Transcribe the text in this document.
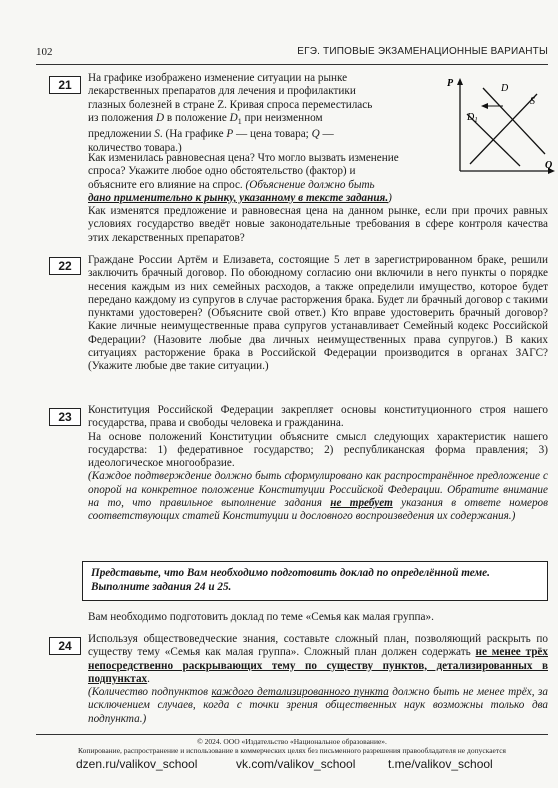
102	ЕГЭ. ТИПОВЫЕ ЭКЗАМЕНАЦИОННЫЕ ВАРИАНТЫ
21	На графике изображено изменение ситуации на рынке

лекарственных препаратов для лечения и профилактики

глазных болезней в стране Z. Кривая спроса переместилась

из положения D в положение $D_1$ при неизменном

предложении S. (На графике P — цена товара; Q —

количество товара.)

P
Q
S
D
$D_1$

Как изменилась равновесная цена? Что могло вызвать изменение

спроса? Укажите любое одно обстоятельство (фактор) и

объясните его влияние на спрос. (Объяснение должно быть

дано применительно к рынку, указанному в тексте задания.)

Как изменятся предложение и равновесная цена на данном рынке, если при прочих равных условиях государство введёт новые законодательные требования в сфере контроля качества этих лекарственных препаратов?

22	Граждане России Артём и Елизавета, состоящие 5 лет в зарегистрированном браке, решили заключить брачный договор. По обоюдному согласию они включили в него пункты о порядке несения каждым из них семейных расходов, а также определили имущество, которое будет передано каждому из супругов в случае расторжения брака. Будет ли брачный договор с такими пунктами удостоверен? (Объясните свой ответ.) Кто вправе удостоверить брачный договор? Какие личные неимущественные права супругов устанавливает Семейный кодекс Российской Федерации? (Назовите любые два личных неимущественных права супругов.) В каких ситуациях расторжение брака в Российской Федерации производится в органах ЗАГС? (Укажите любые две такие ситуации.)
23	Конституция Российской Федерации закрепляет основы конституционного строя нашего государства, права и свободы человека и гражданина.

На основе положений Конституции объясните смысл следующих характеристик нашего государства: 1) федеративное государство; 2) республиканская форма правления; 3) идеологическое многообразие.

(Каждое подтверждение должно быть сформулировано как распространённое предложение с опорой на конкретное положение Конституции Российской Федерации. Обратите внимание на то, что правильное выполнение задания не требует указания в ответе номеров соответствующих статей Конституции и дословного воспроизведения их содержания.)

Представьте, что Вам необходимо подготовить доклад по определённой теме. Выполните задания 24 и 25.
Вам необходимо подготовить доклад по теме «Семья как малая группа».
24	Используя обществоведческие знания, составьте сложный план, позволяющий раскрыть по существу тему «Семья как малая группа». Сложный план должен содержать не менее трёх непосредственно раскрывающих тему по существу пунктов, детализированных в подпунктах.

(Количество подпунктов каждого детализированного пункта должно быть не менее трёх, за исключением случаев, когда с точки зрения общественных наук возможны только два подпункта.)

© 2024. ООО «Издательство «Национальное образование».
Копирование, распространение и использование в коммерческих целях без письменного разрешения правообладателя не допускается
dzen.ru/valikov_school	vk.com/valikov_school	t.me/valikov_school
